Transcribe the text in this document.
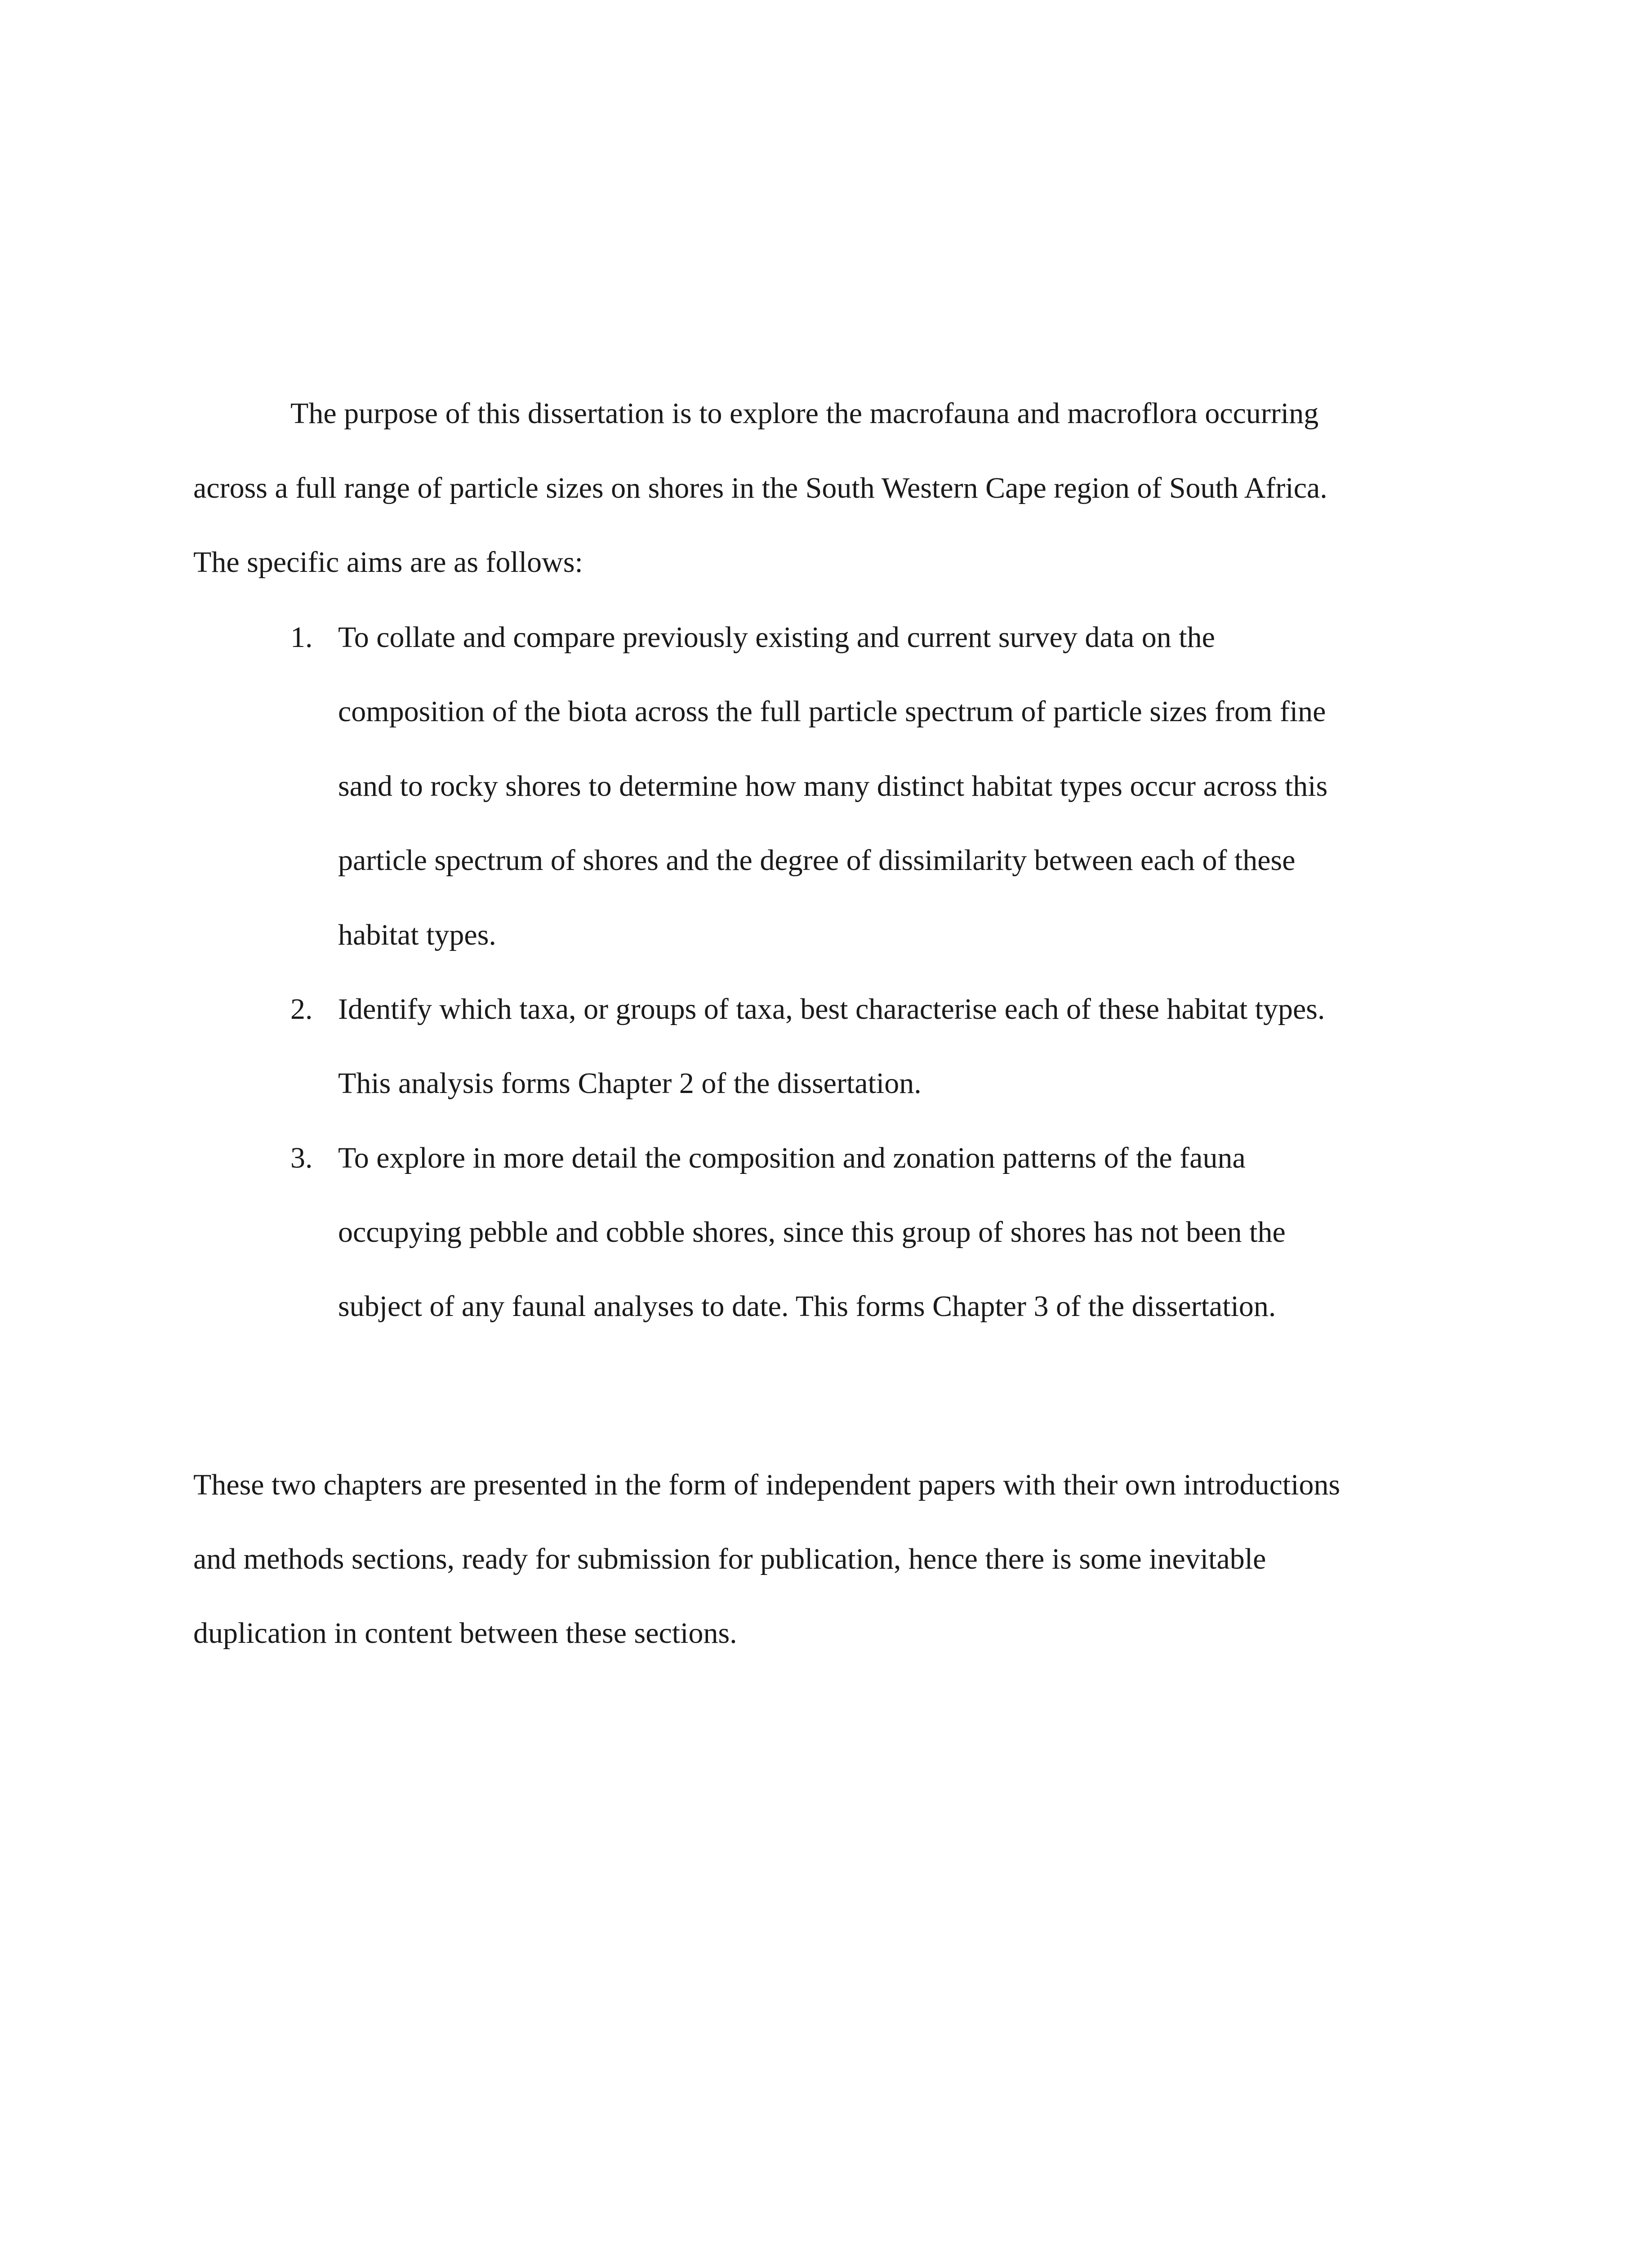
The purpose of this dissertation is to explore the macrofauna and macroflora occurring

across a full range of particle sizes on shores in the South Western Cape region of South Africa.

The specific aims are as follows:

1. To collate and compare previously existing and current survey data on the

composition of the biota across the full particle spectrum of particle sizes from fine

sand to rocky shores to determine how many distinct habitat types occur across this

particle spectrum of shores and the degree of dissimilarity between each of these

habitat types.

2. Identify which taxa, or groups of taxa, best characterise each of these habitat types.

This analysis forms Chapter 2 of the dissertation.

3. To explore in more detail the composition and zonation patterns of the fauna

occupying pebble and cobble shores, since this group of shores has not been the

subject of any faunal analyses to date. This forms Chapter 3 of the dissertation.

These two chapters are presented in the form of independent papers with their own introductions

and methods sections, ready for submission for publication, hence there is some inevitable

duplication in content between these sections.
